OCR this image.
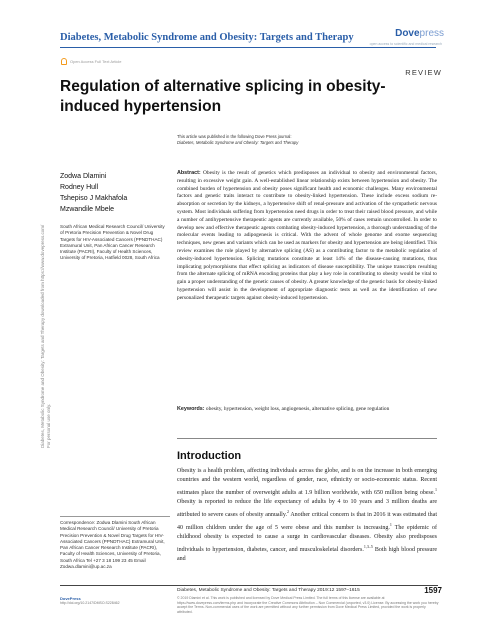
Diabetes, Metabolic Syndrome and Obesity: Targets and Therapy	Dovepress
open access to scientific and medical research
Open Access Full Text Article
REVIEW
Regulation of alternative splicing in obesity-induced hypertension
This article was published in the following Dove Press journal:
Diabetes, Metabolic Syndrome and Obesity: Targets and Therapy
Zodwa Dlamini
Rodney Hull
Tshepiso J Makhafola
Mzwandile Mbele
South African Medical Research Council/ University of Pretoria Precision Prevention & Novel Drug Targets for HIV-Associated Cancers (PPNDTHAC) Extramural Unit, Pan African Cancer Research Institute (PACRI), Faculty of Health Sciences, University of Pretoria, Hatfield 0028, South Africa
Abstract: Obesity is the result of genetics which predisposes an individual to obesity and environmental factors, resulting in excessive weight gain. A well-established linear relationship exists between hypertension and obesity. The combined burden of hypertension and obesity poses significant health and economic challenges. Many environmental factors and genetic traits interact to contribute to obesity-linked hypertension. These include excess sodium re-absorption or secretion by the kidneys, a hypertensive shift of renal-pressure and activation of the sympathetic nervous system. Most individuals suffering from hypertension need drugs in order to treat their raised blood pressure, and while a number of antihypertensive therapeutic agents are currently available, 50% of cases remain uncontrolled. In order to develop new and effective therapeutic agents combating obesity-induced hypertension, a thorough understanding of the molecular events leading to adipogenesis is critical. With the advent of whole genome and exome sequencing techniques, new genes and variants which can be used as markers for obesity and hypertension are being identified. This review examines the role played by alternative splicing (AS) as a contributing factor to the metabolic regulation of obesity-induced hypertension. Splicing mutations constitute at least 14% of the disease-causing mutations, thus implicating polymorphisms that effect splicing as indicators of disease susceptibility. The unique transcripts resulting from the alternate splicing of mRNA encoding proteins that play a key role in contributing to obesity would be vital to gain a proper understanding of the genetic causes of obesity. A greater knowledge of the genetic basis for obesity-linked hypertension will assist in the development of appropriate diagnostic tests as well as the identification of new personalized therapeutic targets against obesity-induced hypertension.
Keywords: obesity, hypertension, weight loss, angiogenesis, alternative splicing, gene regulation
Diabetes, Metabolic Syndrome and Obesity: Targets and Therapy downloaded from https://www.dovepress.com/ For personal use only.
Introduction
Obesity is a health problem, affecting individuals across the globe, and is on the increase in both emerging countries and the western world, regardless of gender, race, ethnicity or socio-economic status. Recent estimates place the number of overweight adults at 1.9 billion worldwide, with 650 million being obese.$^1$ Obesity is reported to reduce the life expectancy of adults by 4 to 10 years and 3 million deaths are attributed to severe cases of obesity annually.$^2$ Another critical concern is that in 2016 it was estimated that 40 million children under the age of 5 were obese and this number is increasing.$^1$ The epidemic of childhood obesity is expected to cause a surge in cardiovascular diseases. Obesity also predisposes individuals to hypertension, diabetes, cancer, and musculoskeletal disorders.$^{1,3-5}$ Both high blood pressure and
Correspondence: Zodwa Dlamini South African Medical Research Council/ University of Pretoria Precision Prevention & Novel Drug Targets for HIV-Associated Cancers (PPNDTHAC) Extramural Unit, Pan African Cancer Research Institute (PACRI), Faculty of Health Sciences, University of Pretoria, South Africa Tel +27 3 18 199 23 45 Email Zodwa.dlamini@up.ac.za
Diabetes, Metabolic Syndrome and Obesity: Targets and Therapy 2019:12 1597–1615	1597
© 2019 Dlamini et al. This work is published and licensed by Dove Medical Press Limited. The full terms of this license are available at https://www.dovepress.com/terms.php and incorporate the Creative Commons Attribution – Non Commercial (unported, v3.0) License. By accessing the work you hereby accept the Terms. Non-commercial uses of the work are permitted without any further permission from Dove Medical Press Limited, provided the work is properly attributed.
DovePress
http://doi.org/10.2147/DMSO.S228462
